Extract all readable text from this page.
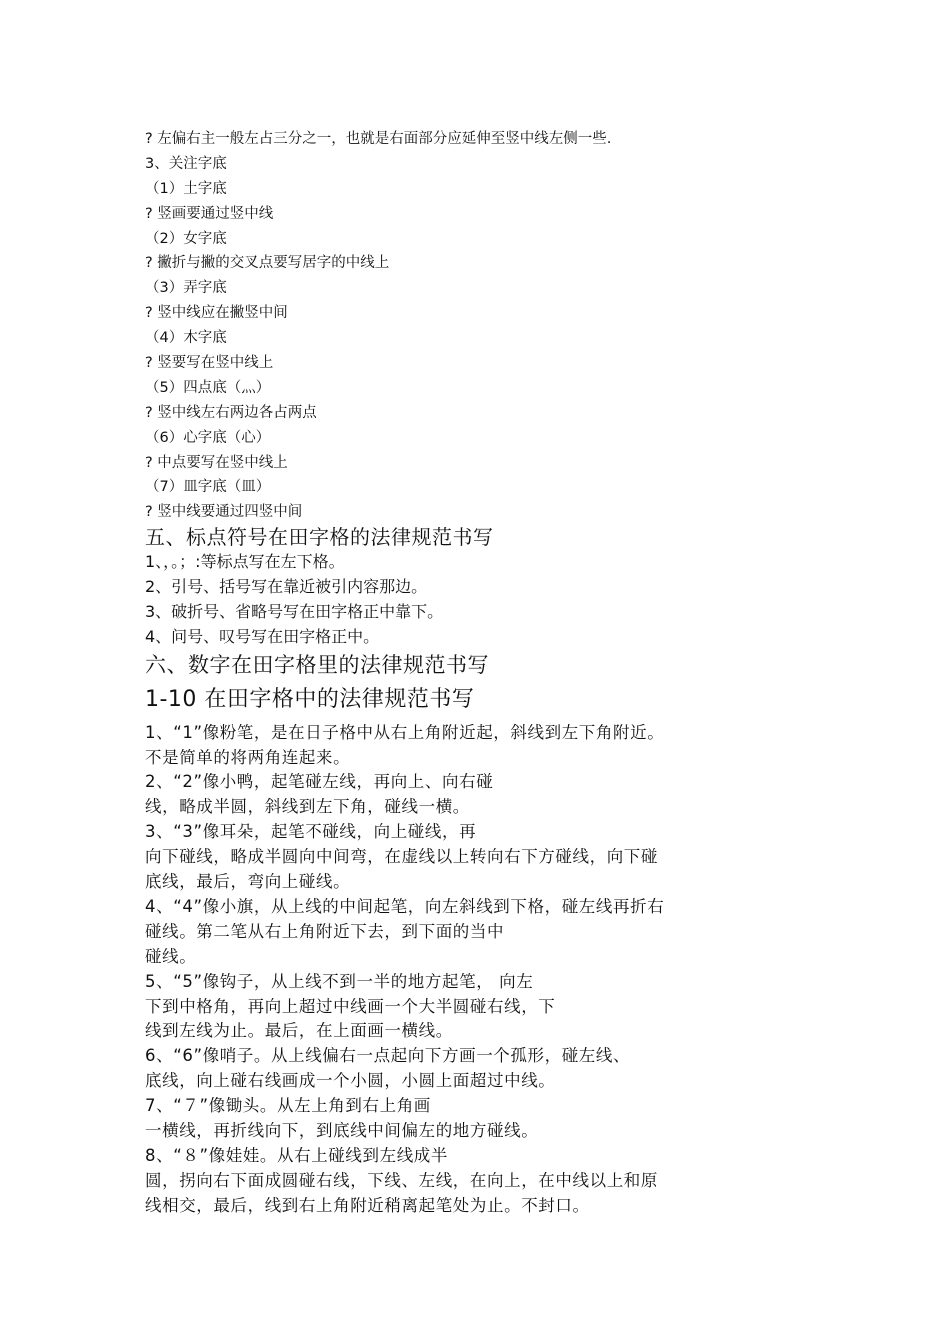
? 左偏右主一般左占三分之一，也就是右面部分应延伸至竖中线左侧一些.

3、关注字底

（1）土字底

? 竖画要通过竖中线

（2）女字底

? 撇折与撇的交叉点要写居字的中线上

（3）弄字底

? 竖中线应在撇竖中间

（4）木字底

? 竖要写在竖中线上

（5）四点底（灬）

? 竖中线左右两边各占两点

（6）心字底（心）

? 中点要写在竖中线上

（7）皿字底（皿）

? 竖中线要通过四竖中间

五、标点符号在田字格的法律规范书写

1、，。；:等标点写在左下格。

2、引号、括号写在靠近被引内容那边。

3、破折号、省略号写在田字格正中靠下。

4、问号、叹号写在田字格正中。

六、数字在田字格里的法律规范书写

1-10 在田字格中的法律规范书写

1、“1”像粉笔，是在日子格中从右上角附近起，斜线到左下角附近。

不是简单的将两角连起来。

2、“2”像小鸭，起笔碰左线，再向上、向右碰

线，略成半圆，斜线到左下角，碰线一横。

3、“3”像耳朵，起笔不碰线，向上碰线，再

向下碰线，略成半圆向中间弯，在虚线以上转向右下方碰线，向下碰

底线，最后，弯向上碰线。

4、“4”像小旗，从上线的中间起笔，向左斜线到下格，碰左线再折右

碰线。第二笔从右上角附近下去，到下面的当中

碰线。

5、“5”像钩子，从上线不到一半的地方起笔， 向左

下到中格角，再向上超过中线画一个大半圆碰右线，下

线到左线为止。最后，在上面画一横线。

6、“6”像哨子。从上线偏右一点起向下方画一个孤形，碰左线、

底线，向上碰右线画成一个小圆，小圆上面超过中线。

7、“７”像锄头。从左上角到右上角画

一横线，再折线向下，到底线中间偏左的地方碰线。

8、“８”像娃娃。从右上碰线到左线成半

圆，拐向右下面成圆碰右线，下线、左线，在向上，在中线以上和原

线相交，最后，线到右上角附近稍离起笔处为止。不封口。
